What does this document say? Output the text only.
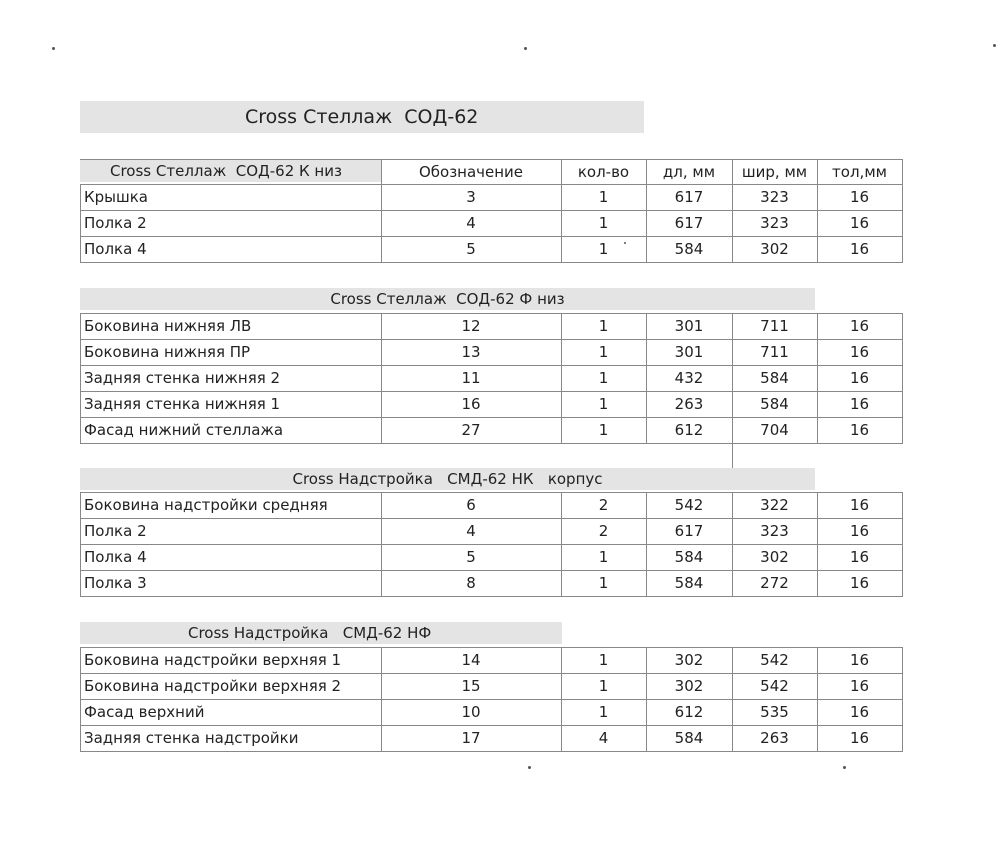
Cross Стеллаж  СОД-62
Cross Стеллаж  СОД-62 К низ	Обозначение	кол-во	дл, мм	шир, мм	тол,мм
Крышка	3	1	617	323	16
Полка 2	4	1	617	323	16
Полка 4	5	1	584	302	16
Cross Стеллаж  СОД-62 Ф низ
Боковина нижняя ЛВ	12	1	301	711	16
Боковина нижняя ПР	13	1	301	711	16
Задняя стенка нижняя 2	11	1	432	584	16
Задняя стенка нижняя 1	16	1	263	584	16
Фасад нижний стеллажа	27	1	612	704	16
Cross Надстройка   СМД-62 НК   корпус
Боковина надстройки средняя	6	2	542	322	16
Полка 2	4	2	617	323	16
Полка 4	5	1	584	302	16
Полка 3	8	1	584	272	16
Cross Надстройка   СМД-62 НФ
Боковина надстройки верхняя 1	14	1	302	542	16
Боковина надстройки верхняя 2	15	1	302	542	16
Фасад верхний	10	1	612	535	16
Задняя стенка надстройки	17	4	584	263	16
